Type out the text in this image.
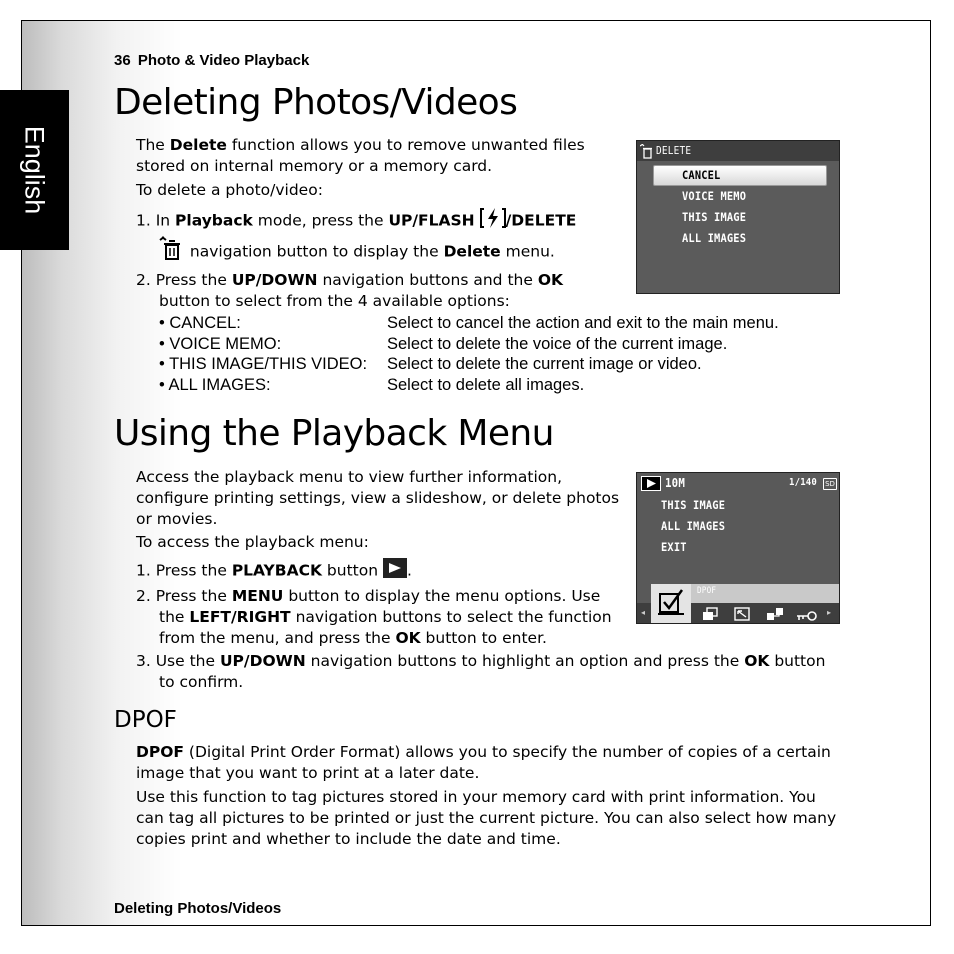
English
36 Photo & Video Playback
Deleting Photos/Videos
The Delete function allows you to remove unwanted files
stored on internal memory or a memory card.
To delete a photo/video:
1. In Playback mode, press the UP/FLASH /DELETE
navigation button to display the Delete menu.
2. Press the UP/DOWN navigation buttons and the OK
button to select from the 4 available options:
• CANCEL:	Select to cancel the action and exit to the main menu.
• VOICE MEMO:	Select to delete the voice of the current image.
• THIS IMAGE/THIS VIDEO: Select to delete the current image or video.
• ALL IMAGES:	Select to delete all images.
DELETE
CANCEL
VOICE MEMO
THIS IMAGE
ALL IMAGES
Using the Playback Menu
Access the playback menu to view further information,
configure printing settings, view a slideshow, or delete photos
or movies.
To access the playback menu:
1. Press the PLAYBACK button .
2. Press the MENU button to display the menu options. Use
the LEFT/RIGHT navigation buttons to select the function
from the menu, and press the OK button to enter.
3. Use the UP/DOWN navigation buttons to highlight an option and press the OK button
to confirm.
10M	1/140 SD
THIS IMAGE
ALL IMAGES
EXIT
DPOF
◂	▸
DPOF
DPOF (Digital Print Order Format) allows you to specify the number of copies of a certain
image that you want to print at a later date.
Use this function to tag pictures stored in your memory card with print information. You
can tag all pictures to be printed or just the current picture. You can also select how many
copies print and whether to include the date and time.
Deleting Photos/Videos
